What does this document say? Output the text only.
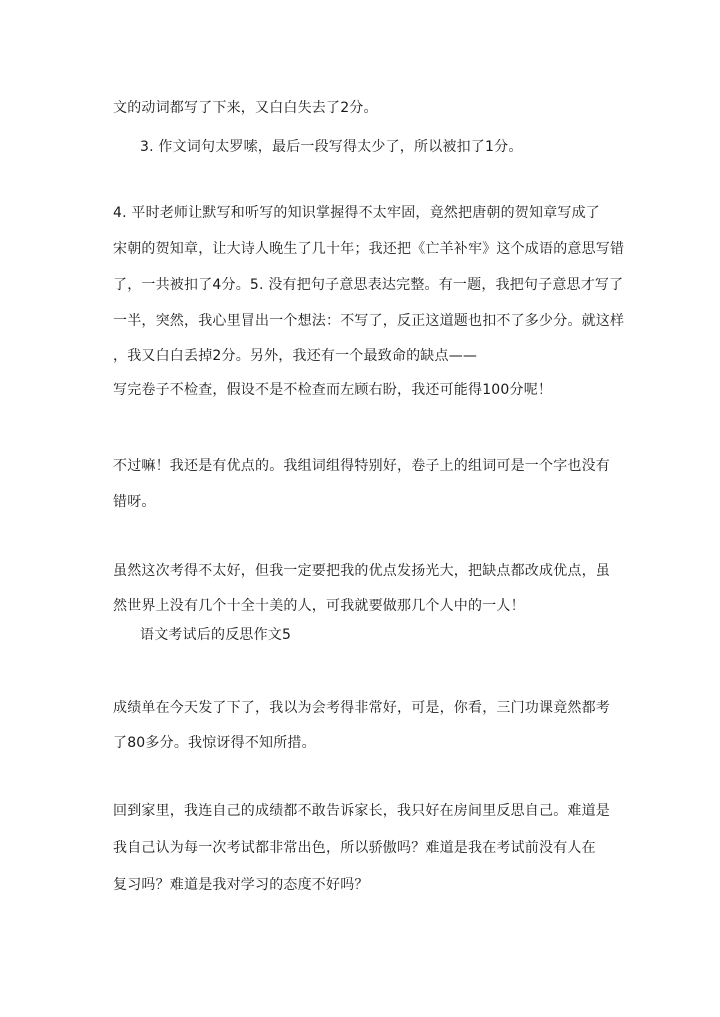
文的动词都写了下来，又白白失去了2分。
3. 作文词句太罗嗦，最后一段写得太少了，所以被扣了1分。
4. 平时老师让默写和听写的知识掌握得不太牢固，竟然把唐朝的贺知章写成了
宋朝的贺知章，让大诗人晚生了几十年；我还把《亡羊补牢》这个成语的意思写错
了，一共被扣了4分。5. 没有把句子意思表达完整。有一题，我把句子意思才写了
一半，突然，我心里冒出一个想法：不写了，反正这道题也扣不了多少分。就这样
，我又白白丢掉2分。另外，我还有一个最致命的缺点——
写完卷子不检查，假设不是不检查而左顾右盼，我还可能得100分呢！
不过嘛！我还是有优点的。我组词组得特别好，卷子上的组词可是一个字也没有
错呀。
虽然这次考得不太好，但我一定要把我的优点发扬光大，把缺点都改成优点，虽
然世界上没有几个十全十美的人，可我就要做那几个人中的一人！
语文考试后的反思作文5
成绩单在今天发了下了，我以为会考得非常好，可是，你看，三门功课竟然都考
了80多分。我惊讶得不知所措。
回到家里，我连自己的成绩都不敢告诉家长，我只好在房间里反思自己。难道是
我自己认为每一次考试都非常出色，所以骄傲吗？难道是我在考试前没有人在
复习吗？难道是我对学习的态度不好吗？
